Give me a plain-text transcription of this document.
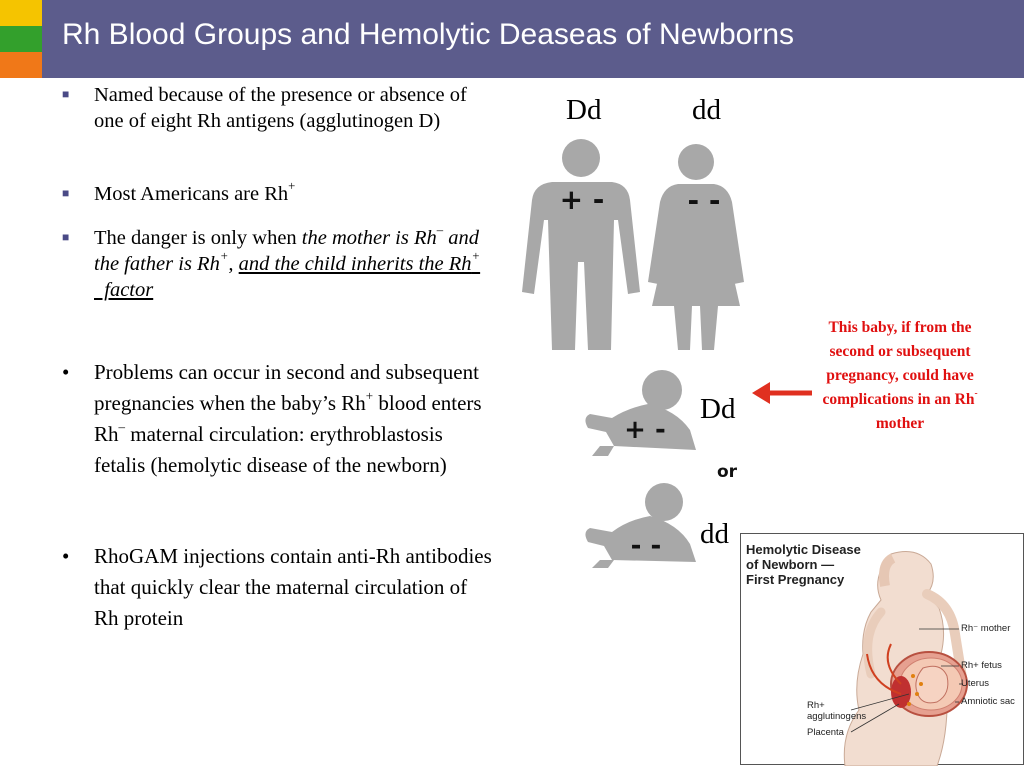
Rh Blood Groups and Hemolytic Deaseas of Newborns
■ Named because of the presence or absence of one of eight Rh antigens (agglutinogen D)
■ Most Americans are Rh+
■ The danger is only when the mother is Rh– and the father is Rh+, and the child inherits the Rh+  factor
• Problems can occur in second and subsequent pregnancies when the baby’s Rh+ blood enters Rh– maternal circulation: erythroblastosis fetalis (hemolytic disease of the newborn)
• RhoGAM injections contain anti-Rh antibodies that quickly clear the maternal circulation of Rh protein
+ -	- -
+ -
or
- -
Dd	dd
Dd
dd
This baby, if from the second or subsequent pregnancy, could have complications in an Rh- mother
Hemolytic Disease
of Newborn —
First Pregnancy
Rh⁻ mother
Rh+ fetus
Uterus
Amniotic sac
Rh+
agglutinogens
Placenta
